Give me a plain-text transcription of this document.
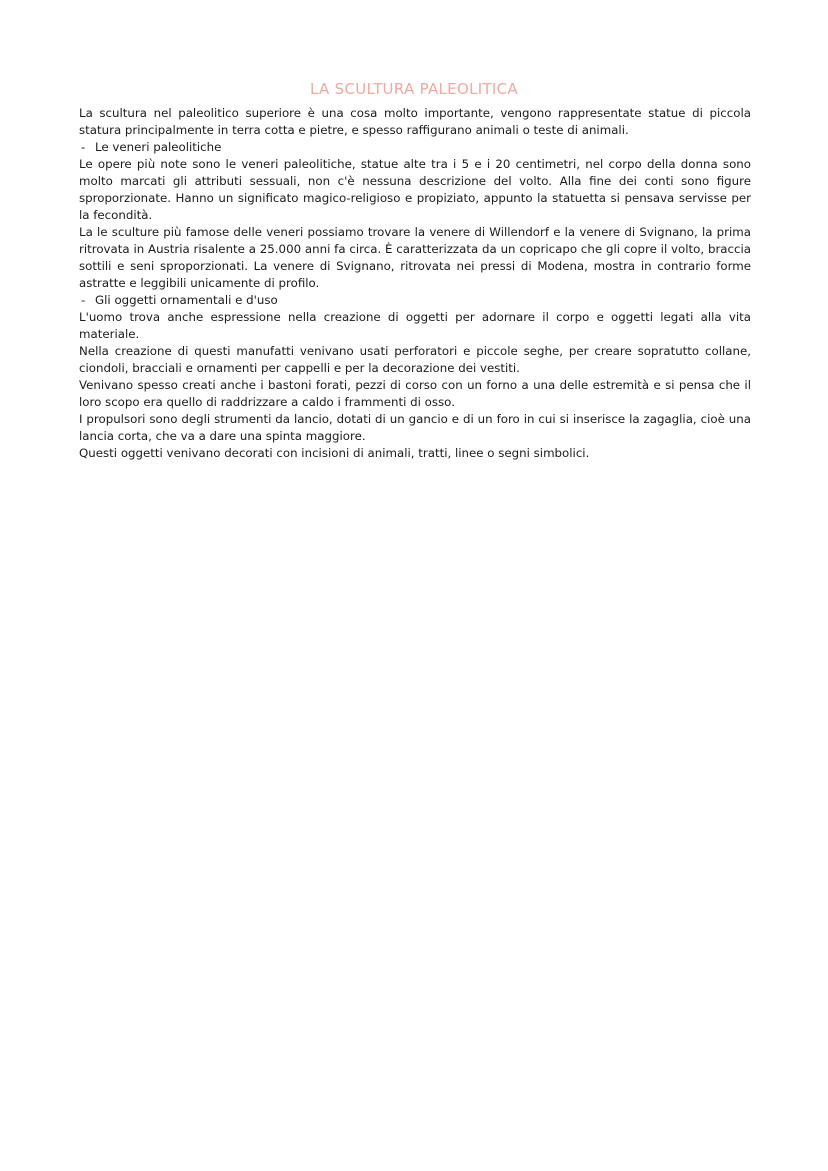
LA SCULTURA PALEOLITICA

La scultura nel paleolitico superiore è una cosa molto importante, vengono rappresentate statue di piccola statura principalmente in terra cotta e pietre, e spesso raffigurano animali o teste di animali.

- Le veneri paleolitiche

Le opere più note sono le veneri paleolitiche, statue alte tra i 5 e i 20 centimetri, nel corpo della donna sono molto marcati gli attributi sessuali, non c'è nessuna descrizione del volto. Alla fine dei conti sono figure sproporzionate. Hanno un significato magico-religioso e propiziato, appunto la statuetta si pensava servisse per la fecondità.

La le sculture più famose delle veneri possiamo trovare la venere di Willendorf e la venere di Svignano, la prima ritrovata in Austria risalente a 25.000 anni fa circa. È caratterizzata da un copricapo che gli copre il volto, braccia sottili e seni sproporzionati. La venere di Svignano, ritrovata nei pressi di Modena, mostra in contrario forme astratte e leggibili unicamente di profilo.

- Gli oggetti ornamentali e d'uso

L'uomo trova anche espressione nella creazione di oggetti per adornare il corpo e oggetti legati alla vita materiale.

Nella creazione di questi manufatti venivano usati perforatori e piccole seghe, per creare sopratutto collane, ciondoli, bracciali e ornamenti per cappelli e per la decorazione dei vestiti.

Venivano spesso creati anche i bastoni forati, pezzi di corso con un forno a una delle estremità e si pensa che il loro scopo era quello di raddrizzare a caldo i frammenti di osso.

I propulsori sono degli strumenti da lancio, dotati di un gancio e di un foro in cui si inserisce la zagaglia, cioè una lancia corta, che va a dare una spinta maggiore.

Questi oggetti venivano decorati con incisioni di animali, tratti, linee o segni simbolici.
